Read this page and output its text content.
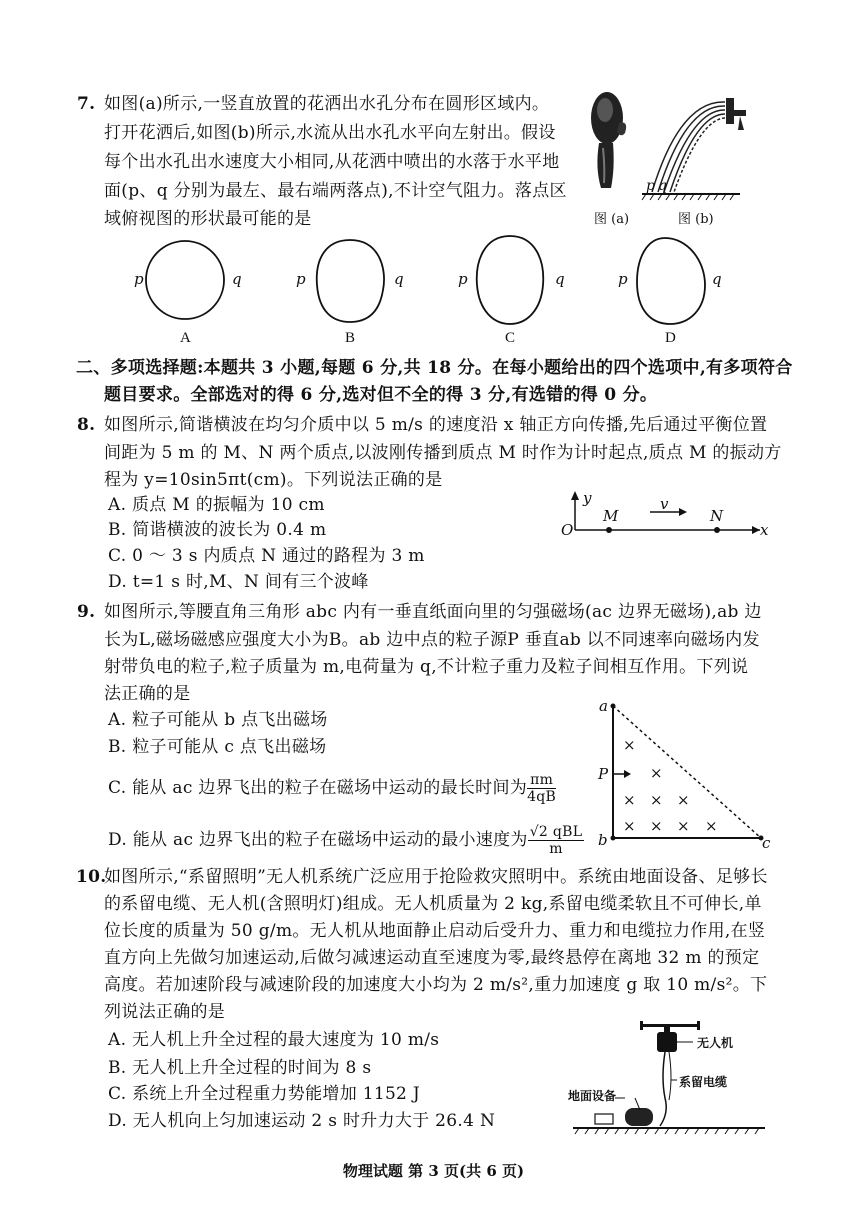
7. 如图(a)所示,一竖直放置的花洒出水孔分布在圆形区域内。
打开花洒后,如图(b)所示,水流从出水孔水平向左射出。假设
每个出水孔出水速度大小相同,从花洒中喷出的水落于水平地
面(p、q 分别为最左、最右端两落点),不计空气阻力。落点区
域俯视图的形状最可能的是	图 (a)
p q
图 (b)
p	q
A
p	q
B
p	q
C
p	q
D
二、多项选择题:本题共 3 小题,每题 6 分,共 18 分。在每小题给出的四个选项中,有多项符合
题目要求。全部选对的得 6 分,选对但不全的得 3 分,有选错的得 0 分。
8. 如图所示,简谐横波在均匀介质中以 5 m/s 的速度沿 x 轴正方向传播,先后通过平衡位置
间距为 5 m 的 M、N 两个质点,以波刚传播到质点 M 时作为计时起点,质点 M 的振动方
程为 y=10sin5πt(cm)。下列说法正确的是
A. 质点 M 的振幅为 10 cm
B. 简谐横波的波长为 0.4 m
C. 0 ～ 3 s 内质点 N 通过的路程为 3 m
D. t=1 s 时,M、N 间有三个波峰
y
x
O
M	N
v
9. 如图所示,等腰直角三角形 abc 内有一垂直纸面向里的匀强磁场(ac 边界无磁场),ab 边
长为L,磁场磁感应强度大小为B。ab 边中点的粒子源P 垂直ab 以不同速率向磁场内发
射带负电的粒子,粒子质量为 m,电荷量为 q,不计粒子重力及粒子间相互作用。下列说
法正确的是
A. 粒子可能从 b 点飞出磁场
B. 粒子可能从 c 点飞出磁场
C. 能从 ac 边界飞出的粒子在磁场中运动的最长时间为 $\frac{\pi m}{4qB}$
D. 能从 ac 边界飞出的粒子在磁场中运动的最小速度为 $\frac{\text{√2 qBL}}{m}$
×
×
× × ×
× × × ×
a
b	c
P
10.
如图所示,“系留照明”无人机系统广泛应用于抢险救灾照明中。系统由地面设备、足够长
的系留电缆、无人机(含照明灯)组成。无人机质量为 2 kg,系留电缆柔软且不可伸长,单
位长度的质量为 50 g/m。无人机从地面静止启动后受升力、重力和电缆拉力作用,在竖
直方向上先做匀加速运动,后做匀减速运动直至速度为零,最终悬停在离地 32 m 的预定
高度。若加速阶段与减速阶段的加速度大小均为 2 m/s²,重力加速度 g 取 10 m/s²。下
列说法正确的是
A. 无人机上升全过程的最大速度为 10 m/s
B. 无人机上升全过程的时间为 8 s
C. 系统上升全过程重力势能增加 1152 J
D. 无人机向上匀加速运动 2 s 时升力大于 26.4 N
无人机
系留电缆
地面设备
物理试题 第 3 页(共 6 页)
